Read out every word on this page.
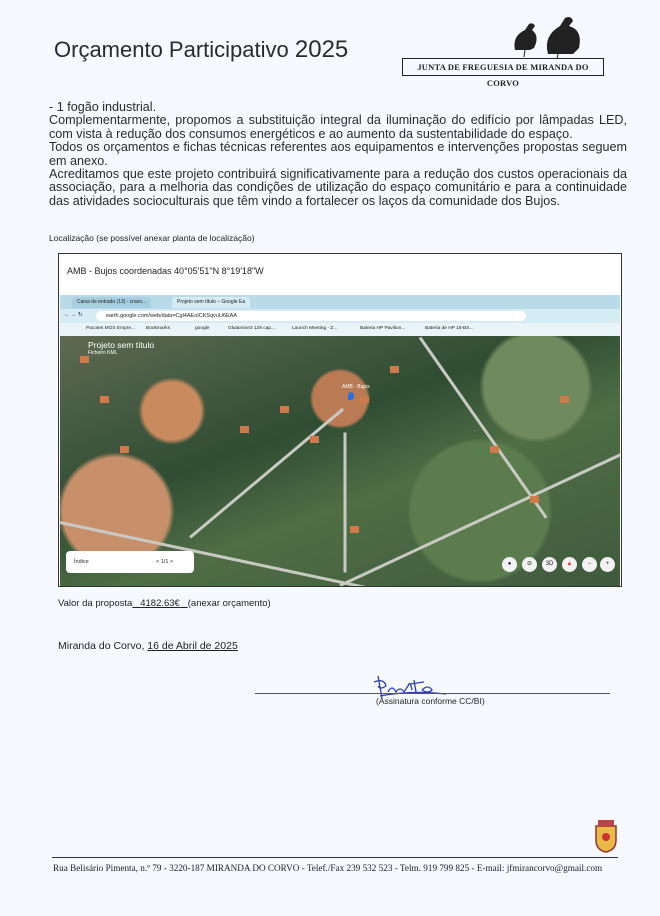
Orçamento Participativo 2025
JUNTA DE FREGUESIA DE MIRANDA DO CORVO

- 1 fogão industrial.

Complementarmente, propomos a substituição integral da iluminação do edifício por lâmpadas LED, com vista à redução dos consumos energéticos e ao aumento da sustentabilidade do espaço.

Todos os orçamentos e fichas técnicas referentes aos equipamentos e intervenções propostas seguem em anexo.

Acreditamos que este projeto contribuirá significativamente para a redução dos custos operacionais da associação, para a melhoria das condições de utilização do espaço comunitário e para a continuidade das atividades socioculturais que têm vindo a fortalecer os laços da comunidade dos Bujos.

Localização (se possível anexar planta de localização)
AMB - Bujos coordenadas 40°05'51"N 8°19'18"W
Caixa de entrada (13) - cravo...	Projeto sem título – Google Ea
← → ↻	earth.google.com/web/data=Cgl4AEoICKSqvuU6EAA
Pacotes MOS Empre... Bookmarks	google	Glutamine3 128 cap...	Launch Meeting - Z...	Bateria HP Pavilion...	Bateria de HP 15-BS...
Projeto sem título
Ficheiro KML
AMB - Bujos
Índice	< 1/1 >	●	⊘	3D	▲	−	+
Valor da proposta 4182.63€ (anexar orçamento)
Miranda do Corvo, 16 de Abril de 2025
(Assinatura conforme CC/BI)
Rua Belisário Pimenta, n.º 79 - 3220-187 MIRANDA DO CORVO - Telef./Fax 239 532 523 - Telm. 919 799 825 - E-mail: jfmirancorvo@gmail.com
